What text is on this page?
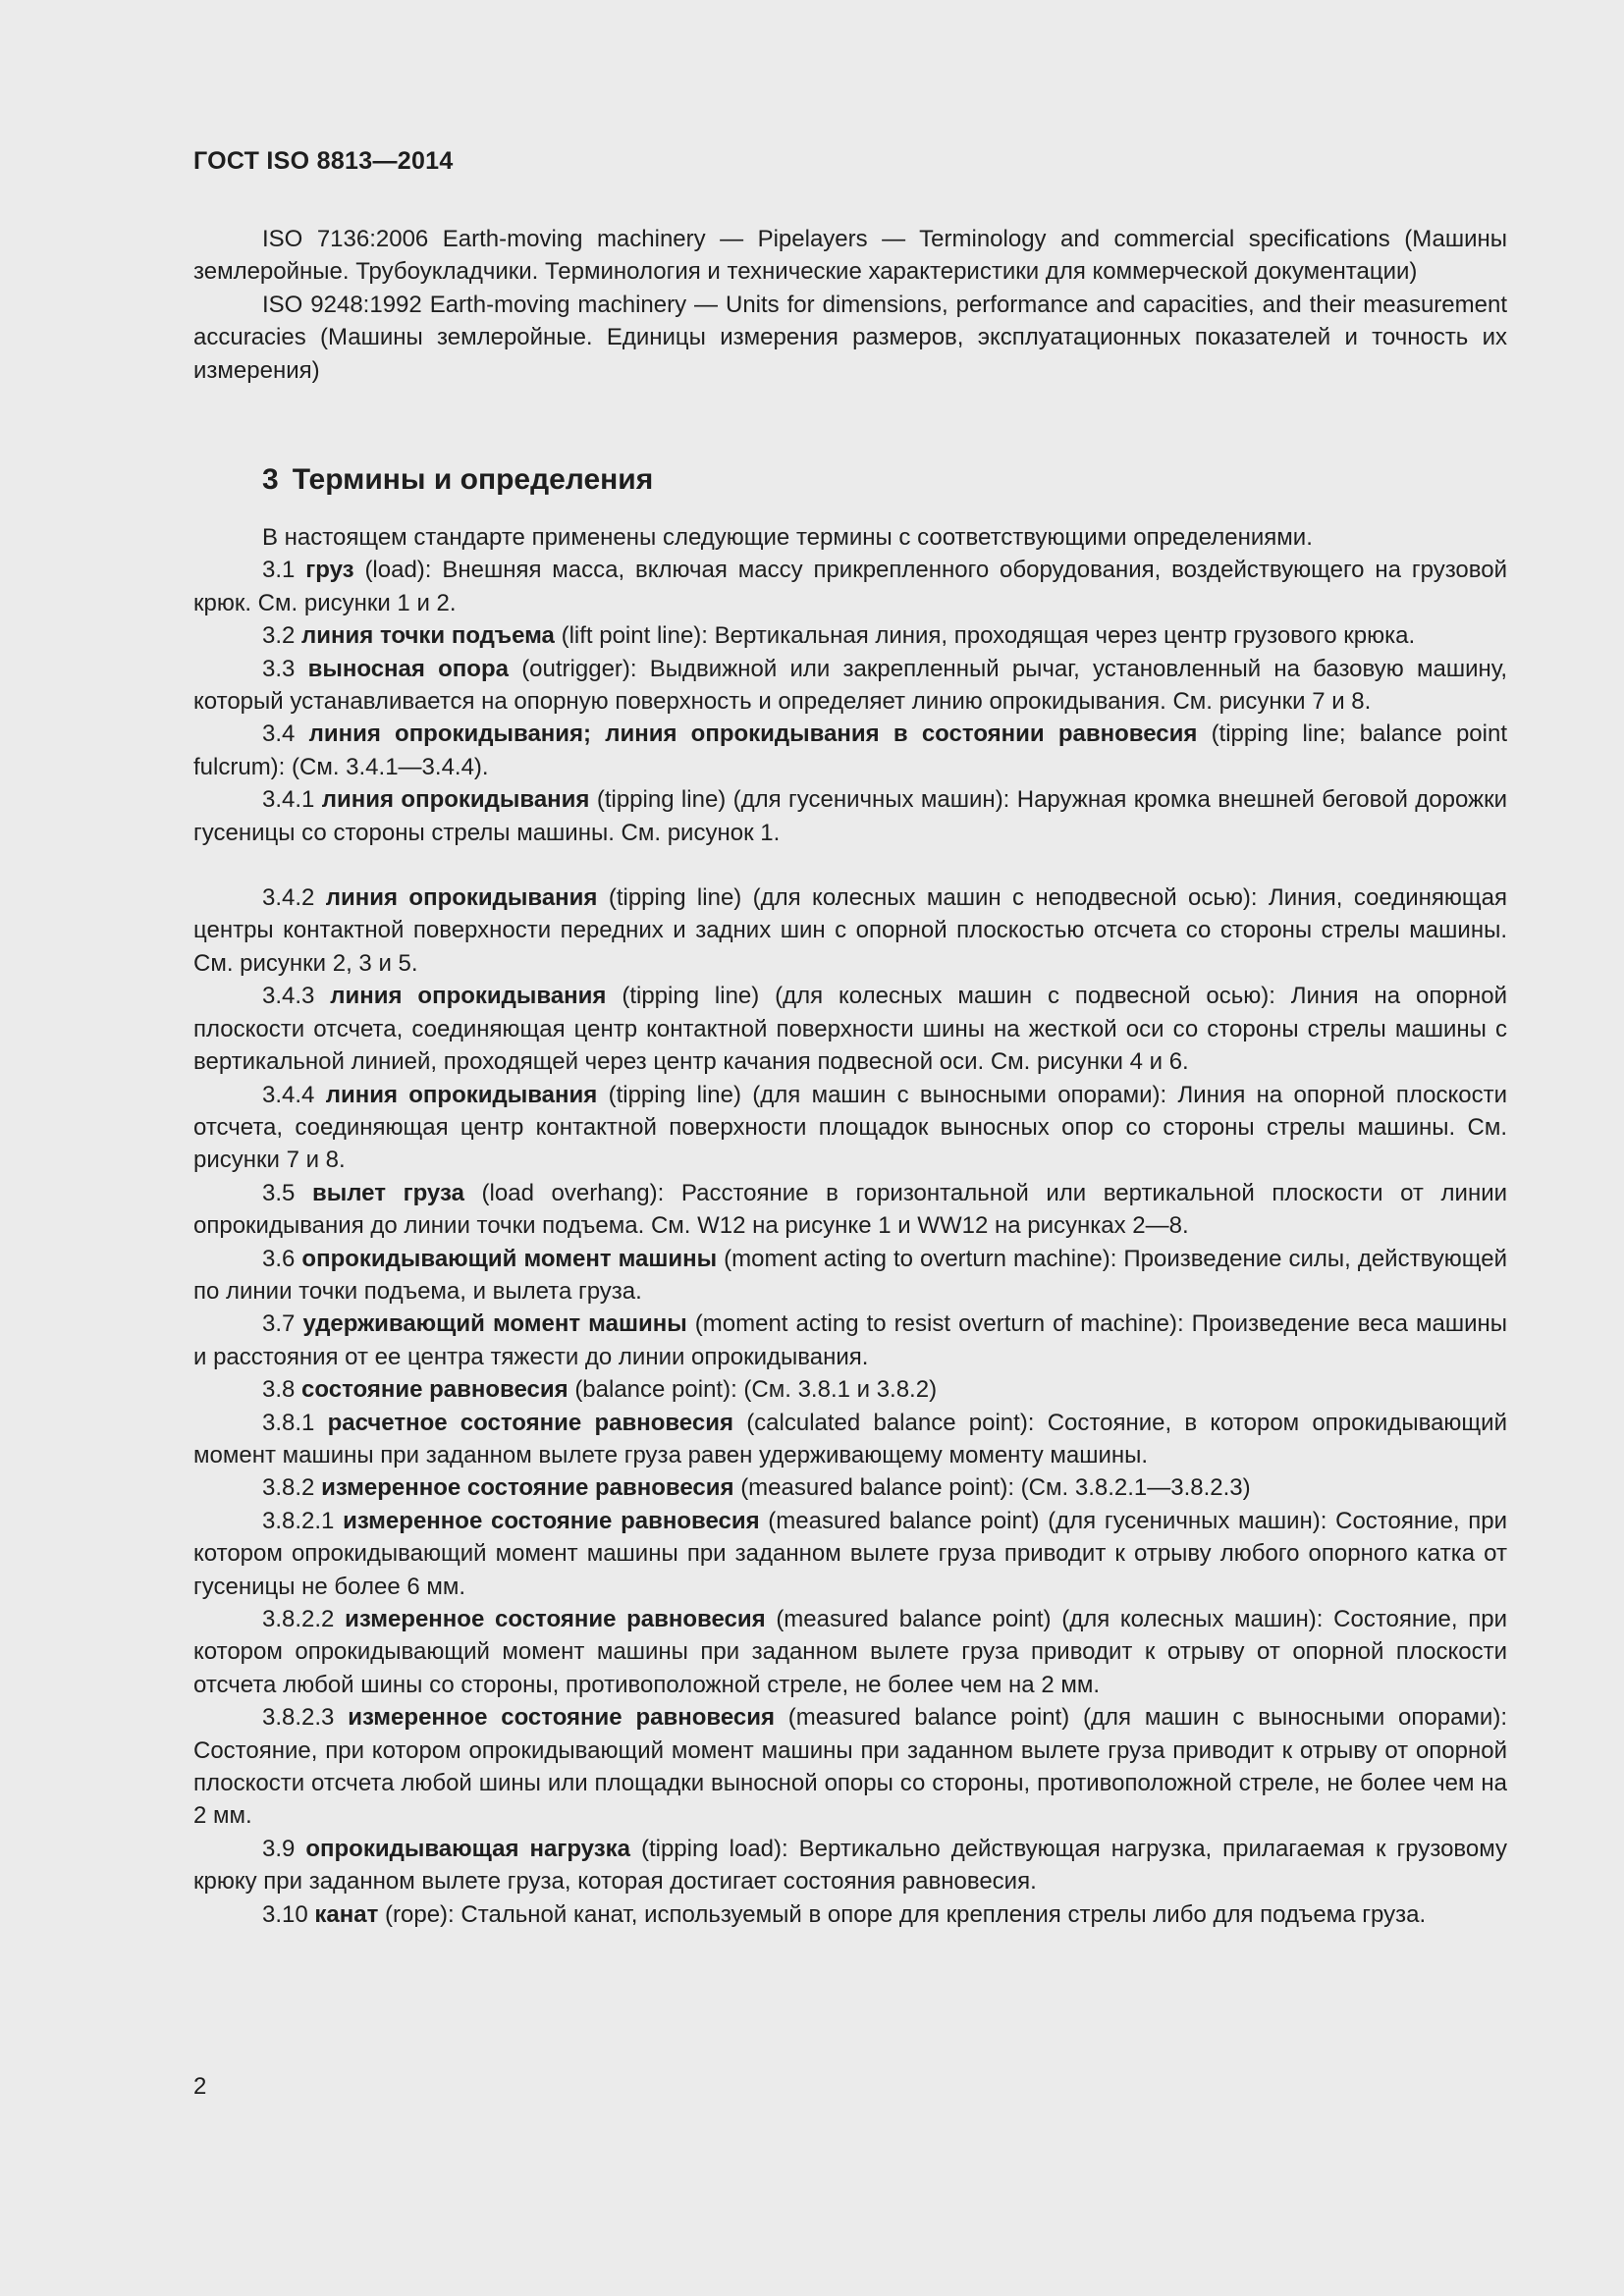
ГОСТ ISO 8813—2014

ISO 7136:2006 Earth-moving machinery — Pipelayers — Terminology and commercial specifications (Машины землеройные. Трубоукладчики. Терминология и технические характеристики для коммерческой документации)

ISO 9248:1992 Earth-moving machinery — Units for dimensions, performance and capacities, and their measurement accuracies (Машины землеройные. Единицы измерения размеров, эксплуатационных показателей и точность их измерения)

3 Термины и определения

В настоящем стандарте применены следующие термины с соответствующими определениями.

3.1 груз (load): Внешняя масса, включая массу прикрепленного оборудования, воздействующего на грузовой крюк. См. рисунки 1 и 2.

3.2 линия точки подъема (lift point line): Вертикальная линия, проходящая через центр грузового крюка.

3.3 выносная опора (outrigger): Выдвижной или закрепленный рычаг, установленный на базовую машину, который устанавливается на опорную поверхность и определяет линию опрокидывания. См. рисунки 7 и 8.

3.4 линия опрокидывания; линия опрокидывания в состоянии равновесия (tipping line; balance point fulcrum): (См. 3.4.1—3.4.4).

3.4.1 линия опрокидывания (tipping line) (для гусеничных машин): Наружная кромка внешней беговой дорожки гусеницы со стороны стрелы машины. См. рисунок 1.

3.4.2 линия опрокидывания (tipping line) (для колесных машин с неподвесной осью): Линия, соединяющая центры контактной поверхности передних и задних шин с опорной плоскостью отсчета со стороны стрелы машины. См. рисунки 2, 3 и 5.

3.4.3 линия опрокидывания (tipping line) (для колесных машин с подвесной осью): Линия на опорной плоскости отсчета, соединяющая центр контактной поверхности шины на жесткой оси со стороны стрелы машины с вертикальной линией, проходящей через центр качания подвесной оси. См. рисунки 4 и 6.

3.4.4 линия опрокидывания (tipping line) (для машин с выносными опорами): Линия на опорной плоскости отсчета, соединяющая центр контактной поверхности площадок выносных опор со стороны стрелы машины. См. рисунки 7 и 8.

3.5 вылет груза (load overhang): Расстояние в горизонтальной или вертикальной плоскости от линии опрокидывания до линии точки подъема. См. W12 на рисунке 1 и WW12 на рисунках 2—8.

3.6 опрокидывающий момент машины (moment acting to overturn machine): Произведение силы, действующей по линии точки подъема, и вылета груза.

3.7 удерживающий момент машины (moment acting to resist overturn of machine): Произведение веса машины и расстояния от ее центра тяжести до линии опрокидывания.

3.8 состояние равновесия (balance point): (См. 3.8.1 и 3.8.2)

3.8.1 расчетное состояние равновесия (calculated balance point): Состояние, в котором опрокидывающий момент машины при заданном вылете груза равен удерживающему моменту машины.

3.8.2 измеренное состояние равновесия (measured balance point): (См. 3.8.2.1—3.8.2.3)

3.8.2.1 измеренное состояние равновесия (measured balance point) (для гусеничных машин): Состояние, при котором опрокидывающий момент машины при заданном вылете груза приводит к отрыву любого опорного катка от гусеницы не более 6 мм.

3.8.2.2 измеренное состояние равновесия (measured balance point) (для колесных машин): Состояние, при котором опрокидывающий момент машины при заданном вылете груза приводит к отрыву от опорной плоскости отсчета любой шины со стороны, противоположной стреле, не более чем на 2 мм.

3.8.2.3 измеренное состояние равновесия (measured balance point) (для машин с выносными опорами): Состояние, при котором опрокидывающий момент машины при заданном вылете груза приводит к отрыву от опорной плоскости отсчета любой шины или площадки выносной опоры со стороны, противоположной стреле, не более чем на 2 мм.

3.9 опрокидывающая нагрузка (tipping load): Вертикально действующая нагрузка, прилагаемая к грузовому крюку при заданном вылете груза, которая достигает состояния равновесия.

3.10 канат (rope): Стальной канат, используемый в опоре для крепления стрелы либо для подъема груза.

2
